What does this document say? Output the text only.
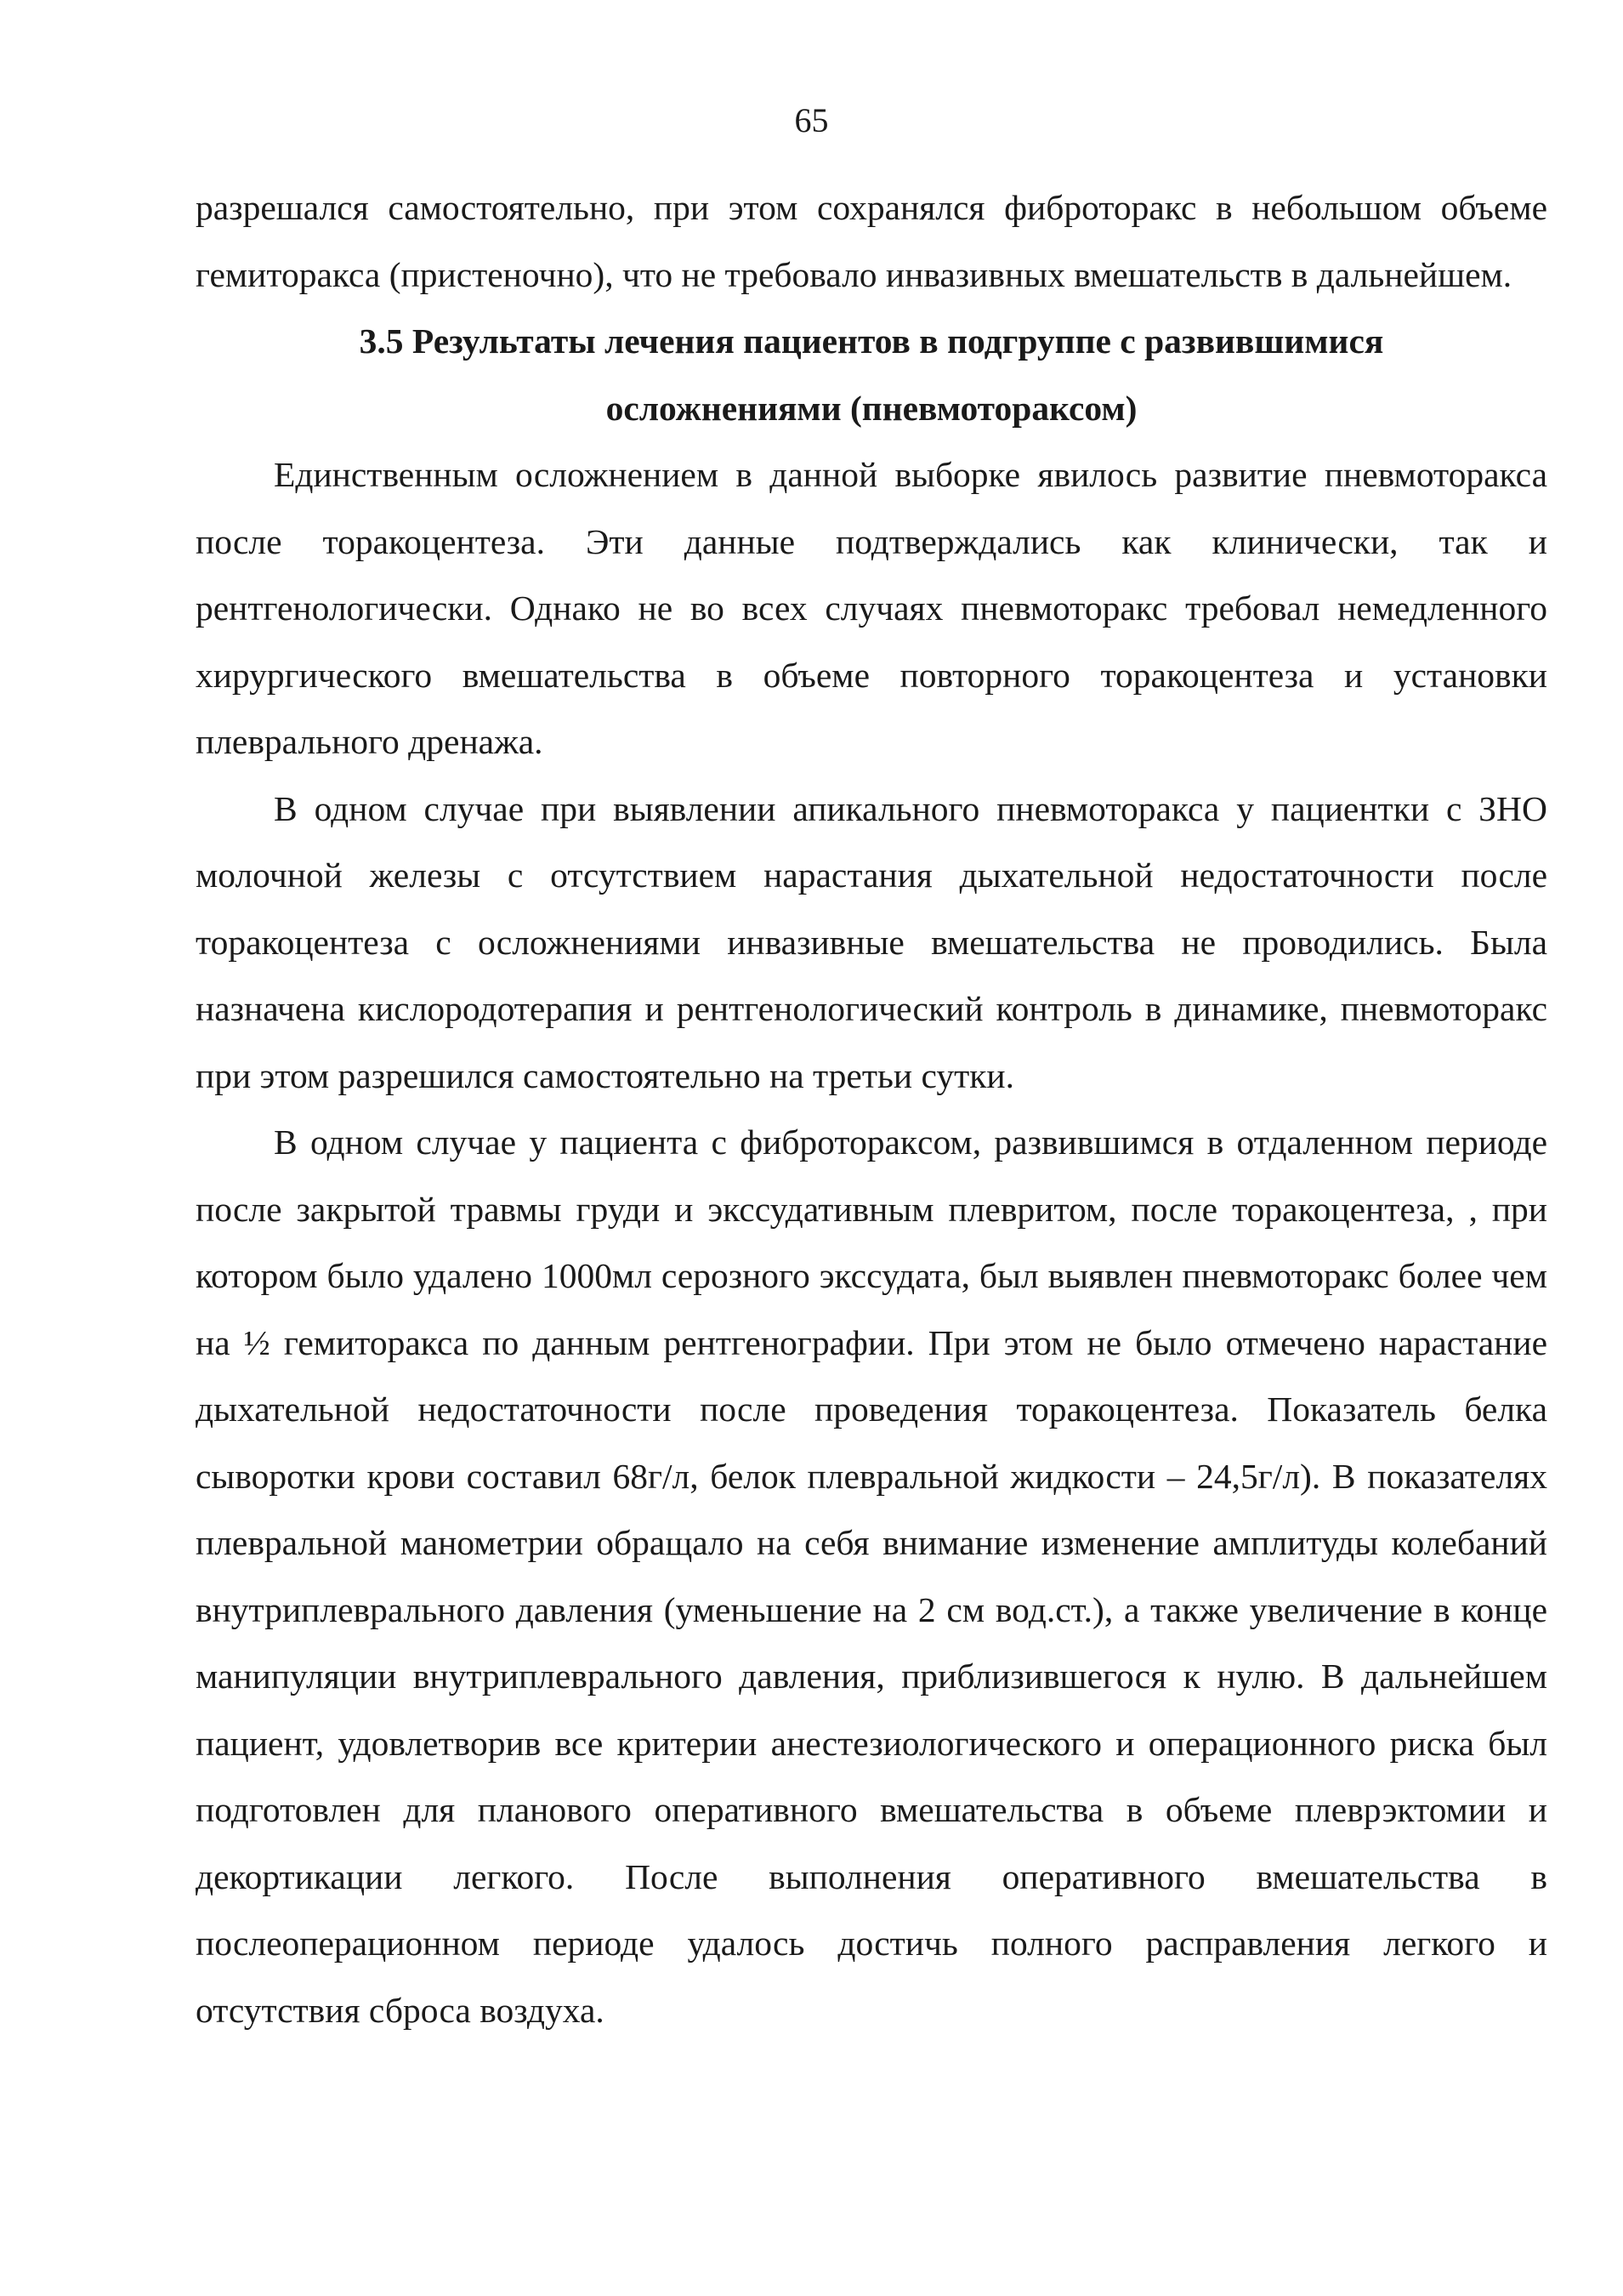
65

разрешался самостоятельно, при этом сохранялся фиброторакс в небольшом объеме гемиторакса (пристеночно), что не требовало инвазивных вмешательств в дальнейшем.

3.5 Результаты лечения пациентов в подгруппе с развившимися
осложнениями (пневмотораксом)

Единственным осложнением в данной выборке явилось развитие пневмоторакса после торакоцентеза. Эти данные подтверждались как клинически, так и рентгенологически. Однако не во всех случаях пневмоторакс требовал немедленного хирургического вмешательства в объеме повторного торакоцентеза и установки плеврального дренажа.

В одном случае при выявлении апикального пневмоторакса у пациентки с ЗНО молочной железы с отсутствием нарастания дыхательной недостаточности после торакоцентеза с осложнениями инвазивные вмешательства не проводились. Была назначена кислородотерапия и рентгенологический контроль в динамике, пневмоторакс при этом разрешился самостоятельно на третьи сутки.

В одном случае у пациента с фиброторакcом, развившимся в отдаленном периоде после закрытой травмы груди и экссудативным плевритом, после торакоцентеза, , при котором было удалено 1000мл серозного экссудата, был выявлен пневмоторакс более чем на ½ гемиторакса по данным рентгенографии. При этом не было отмечено нарастание дыхательной недостаточности после проведения торакоцентеза. Показатель белка сыворотки крови составил 68г/л, белок плевральной жидкости – 24,5г/л). В показателях плевральной манометрии обращало на себя внимание изменение амплитуды колебаний внутриплеврального давления (уменьшение на 2 см вод.ст.), а также увеличение в конце манипуляции внутриплеврального давления, приблизившегося к нулю. В дальнейшем пациент, удовлетворив все критерии анестезиологического и операционного риска был подготовлен для планового оперативного вмешательства в объеме плеврэктомии и декортикации легкого. После выполнения оперативного вмешательства в послеоперационном периоде удалось достичь полного расправления легкого и отсутствия сброса воздуха.
